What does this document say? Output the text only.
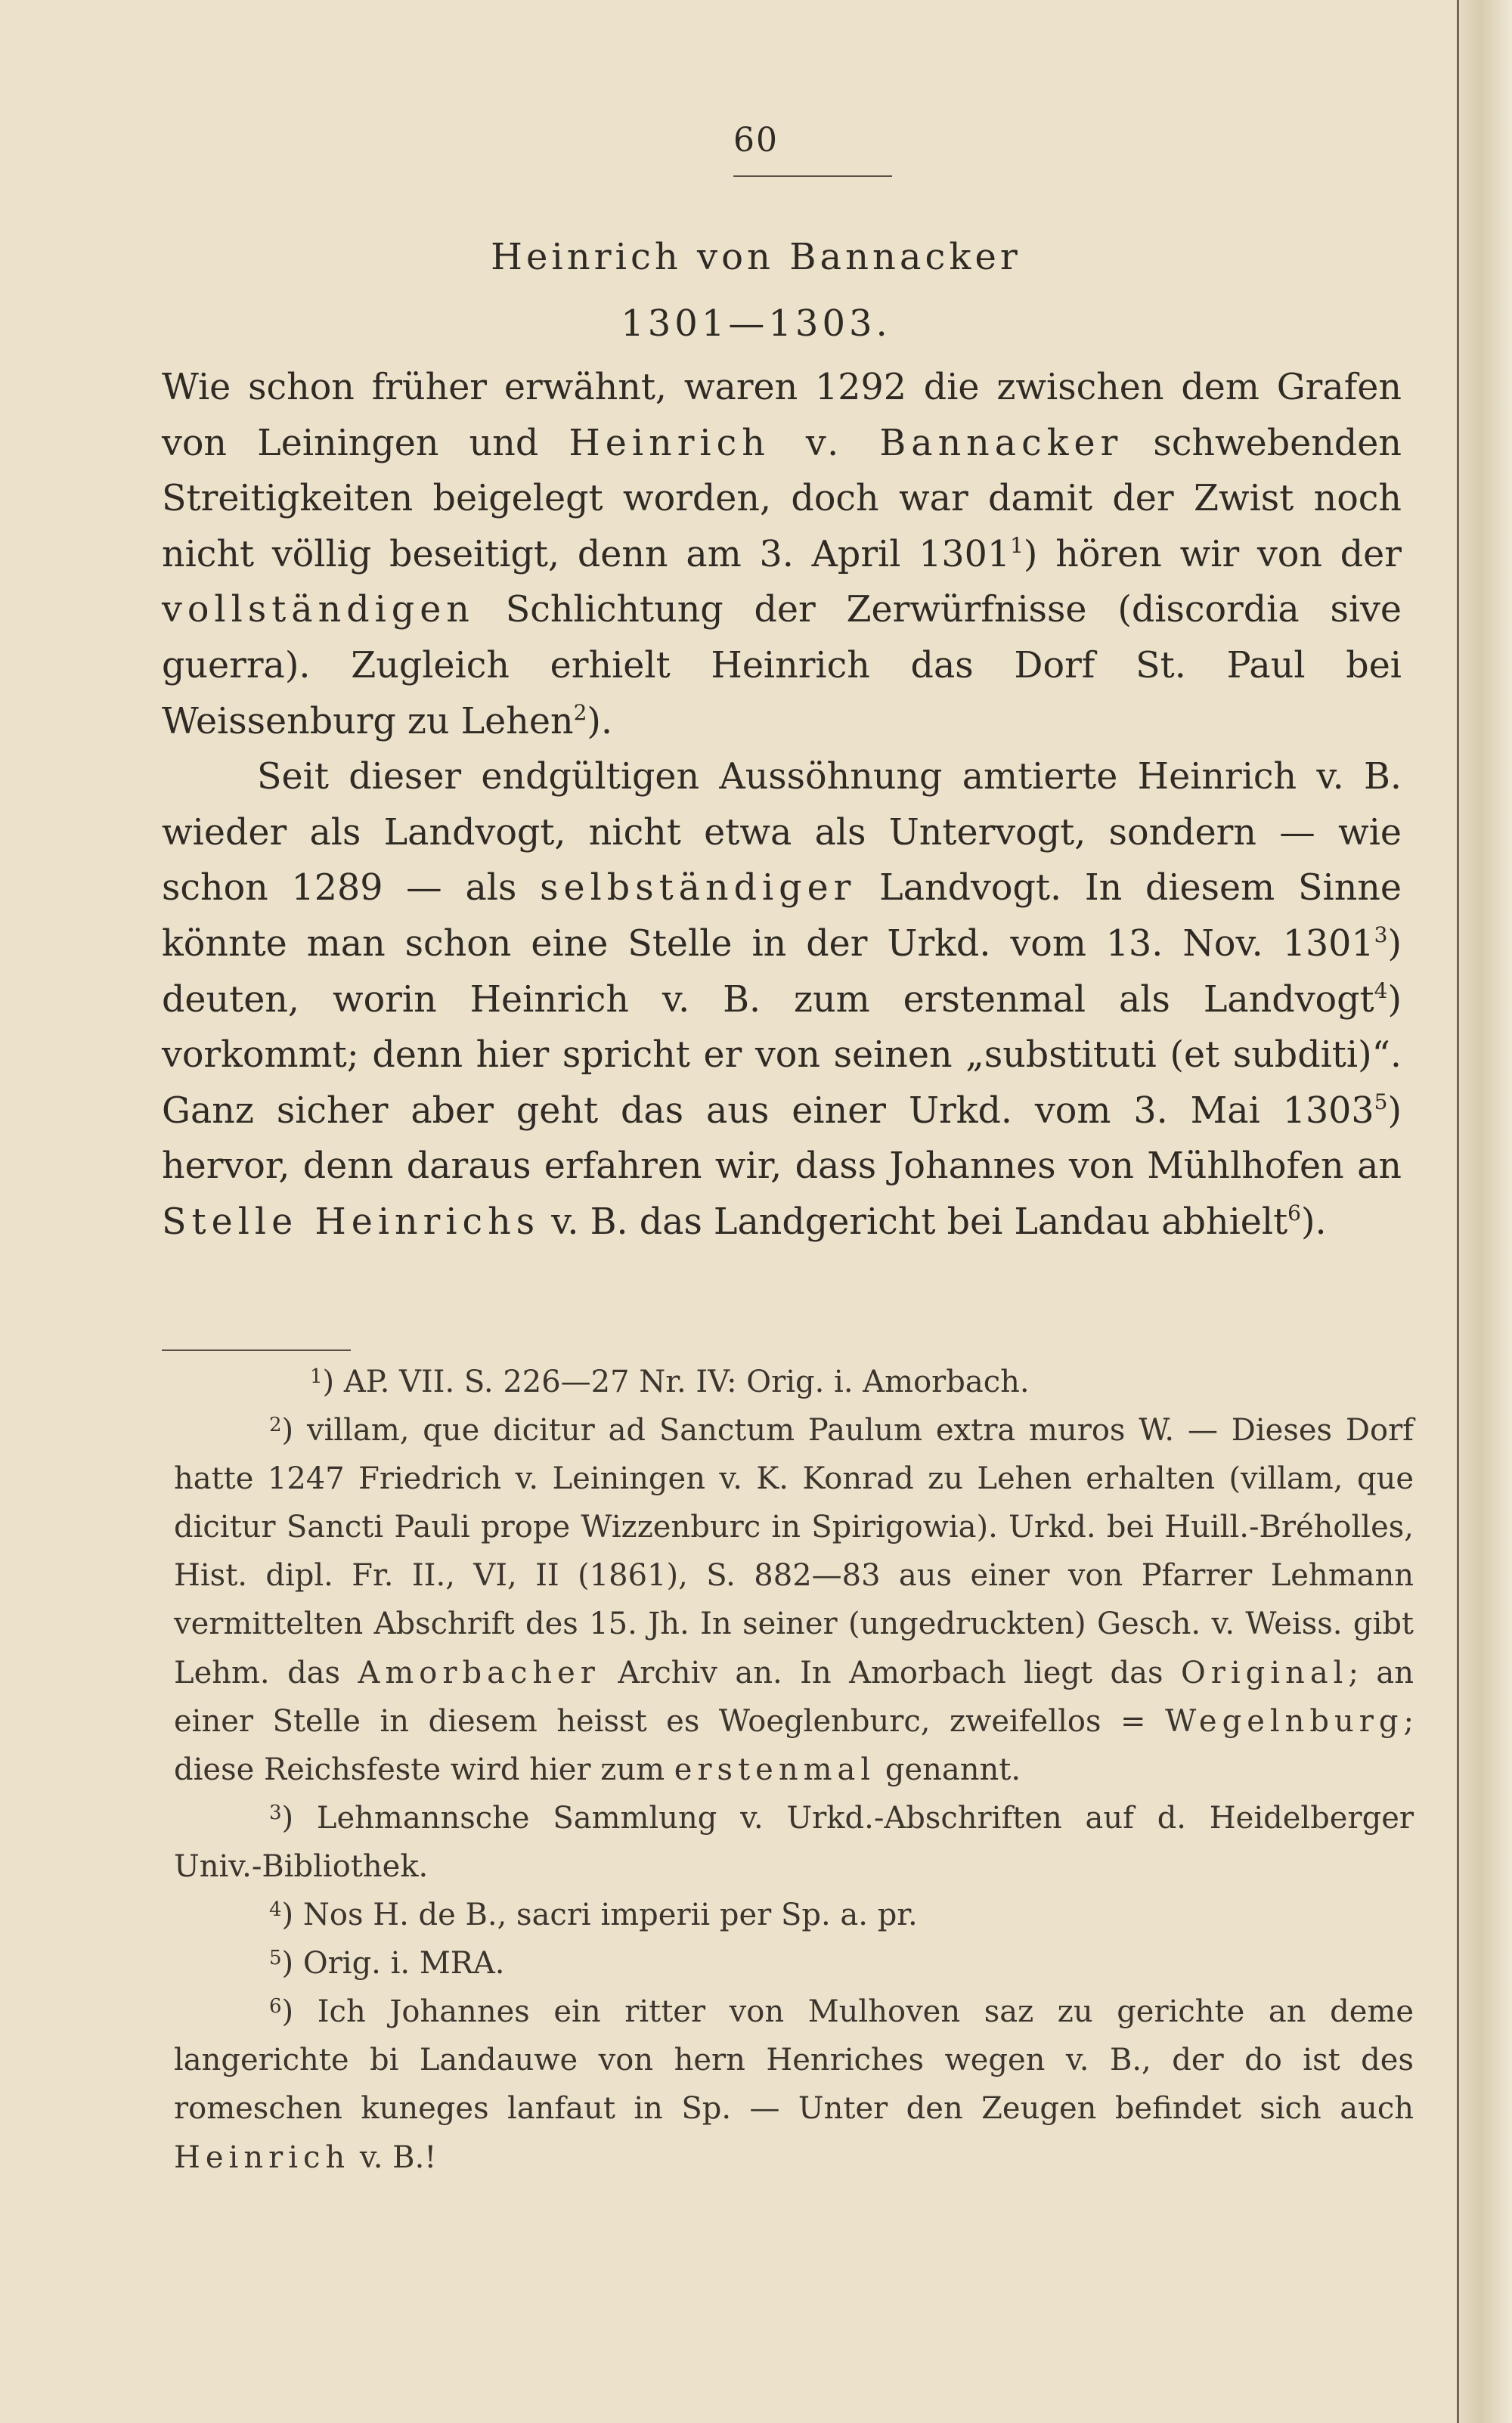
60
Heinrich von Bannacker
1301—1303.

Wie schon früher erwähnt, waren 1292 die zwischen dem Grafen von Leiningen und Heinrich v. Bannacker schwebenden Streitigkeiten beigelegt worden, doch war damit der Zwist noch nicht völlig beseitigt, denn am 3. April 1301$^1$) hören wir von der vollständigen Schlichtung der Zerwürfnisse (discordia sive guerra). Zugleich erhielt Heinrich das Dorf St. Paul bei Weissenburg zu Lehen$^2$).

Seit dieser endgültigen Aussöhnung amtierte Heinrich v. B. wieder als Landvogt, nicht etwa als Untervogt, sondern — wie schon 1289 — als selbständiger Landvogt. In diesem Sinne könnte man schon eine Stelle in der Urkd. vom 13. Nov. 1301$^3$) deuten, worin Heinrich v. B. zum erstenmal als Landvogt$^4$) vorkommt; denn hier spricht er von seinen „substituti (et subditi)“. Ganz sicher aber geht das aus einer Urkd. vom 3. Mai 1303$^5$) hervor, denn daraus erfahren wir, dass Johannes von Mühlhofen an Stelle Heinrichs v. B. das Landgericht bei Landau abhielt$^6$).

$^1$) AP. VII. S. 226—27 Nr. IV: Orig. i. Amorbach.

$^2$) villam, que dicitur ad Sanctum Paulum extra muros W. — Dieses Dorf hatte 1247 Friedrich v. Leiningen v. K. Konrad zu Lehen erhalten (villam, que dicitur Sancti Pauli prope Wizzenburc in Spirigowia). Urkd. bei Huill.-Bréholles, Hist. dipl. Fr. II., VI, II (1861), S. 882—83 aus einer von Pfarrer Lehmann vermittelten Abschrift des 15. Jh. In seiner (ungedruckten) Gesch. v. Weiss. gibt Lehm. das Amorbacher Archiv an. In Amorbach liegt das Original; an einer Stelle in diesem heisst es Woeglenburc, zweifellos = Wegelnburg; diese Reichsfeste wird hier zum erstenmal genannt.

$^3$) Lehmannsche Sammlung v. Urkd.-Abschriften auf d. Heidelberger Univ.-Bibliothek.

$^4$) Nos H. de B., sacri imperii per Sp. a. pr.

$^5$) Orig. i. MRA.

$^6$) Ich Johannes ein ritter von Mulhoven saz zu gerichte an deme langerichte bi Landauwe von hern Henriches wegen v. B., der do ist des romeschen kuneges lanfaut in Sp. — Unter den Zeugen befindet sich auch Heinrich v. B.!
